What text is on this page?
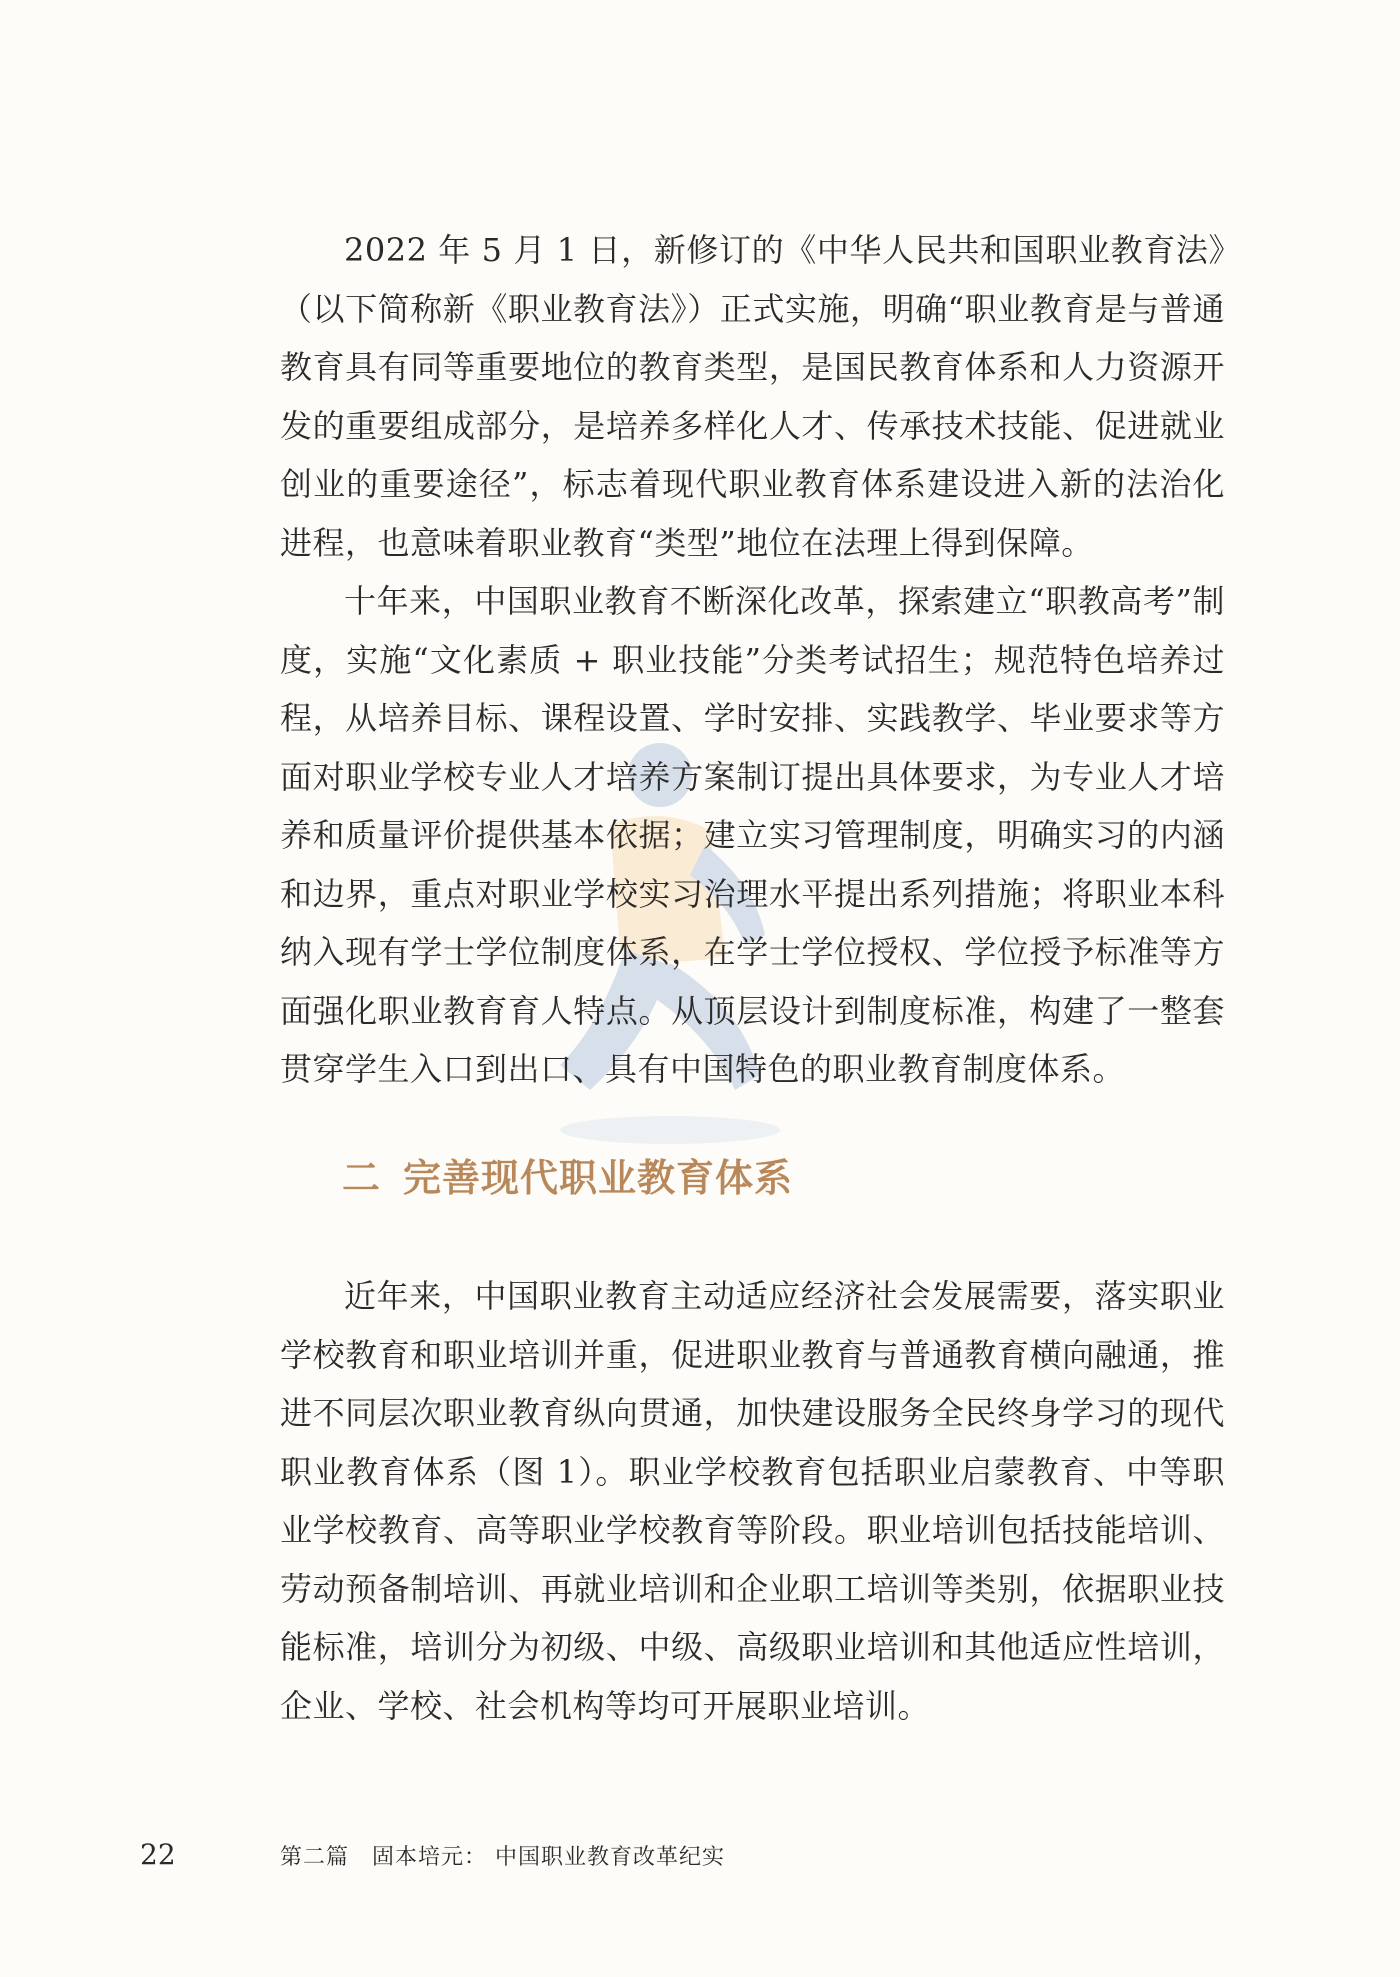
2022 年 5 月 1 日，新修订的《中华人民共和国职业教育法》（以下简称新《职业教育法》）正式实施，明确“职业教育是与普通教育具有同等重要地位的教育类型，是国民教育体系和人力资源开发的重要组成部分，是培养多样化人才、传承技术技能、促进就业创业的重要途径”，标志着现代职业教育体系建设进入新的法治化进程，也意味着职业教育“类型”地位在法理上得到保障。

十年来，中国职业教育不断深化改革，探索建立“职教高考”制度，实施“文化素质 + 职业技能”分类考试招生；规范特色培养过程，从培养目标、课程设置、学时安排、实践教学、毕业要求等方面对职业学校专业人才培养方案制订提出具体要求，为专业人才培养和质量评价提供基本依据；建立实习管理制度，明确实习的内涵和边界，重点对职业学校实习治理水平提出系列措施；将职业本科纳入现有学士学位制度体系，在学士学位授权、学位授予标准等方面强化职业教育育人特点。从顶层设计到制度标准，构建了一整套贯穿学生入口到出口、具有中国特色的职业教育制度体系。

二 完善现代职业教育体系

近年来，中国职业教育主动适应经济社会发展需要，落实职业学校教育和职业培训并重，促进职业教育与普通教育横向融通，推进不同层次职业教育纵向贯通，加快建设服务全民终身学习的现代职业教育体系（图 1）。职业学校教育包括职业启蒙教育、中等职业学校教育、高等职业学校教育等阶段。职业培训包括技能培训、劳动预备制培训、再就业培训和企业职工培训等类别，依据职业技能标准，培训分为初级、中级、高级职业培训和其他适应性培训，企业、学校、社会机构等均可开展职业培训。

22	第二篇　固本培元： 中国职业教育改革纪实
